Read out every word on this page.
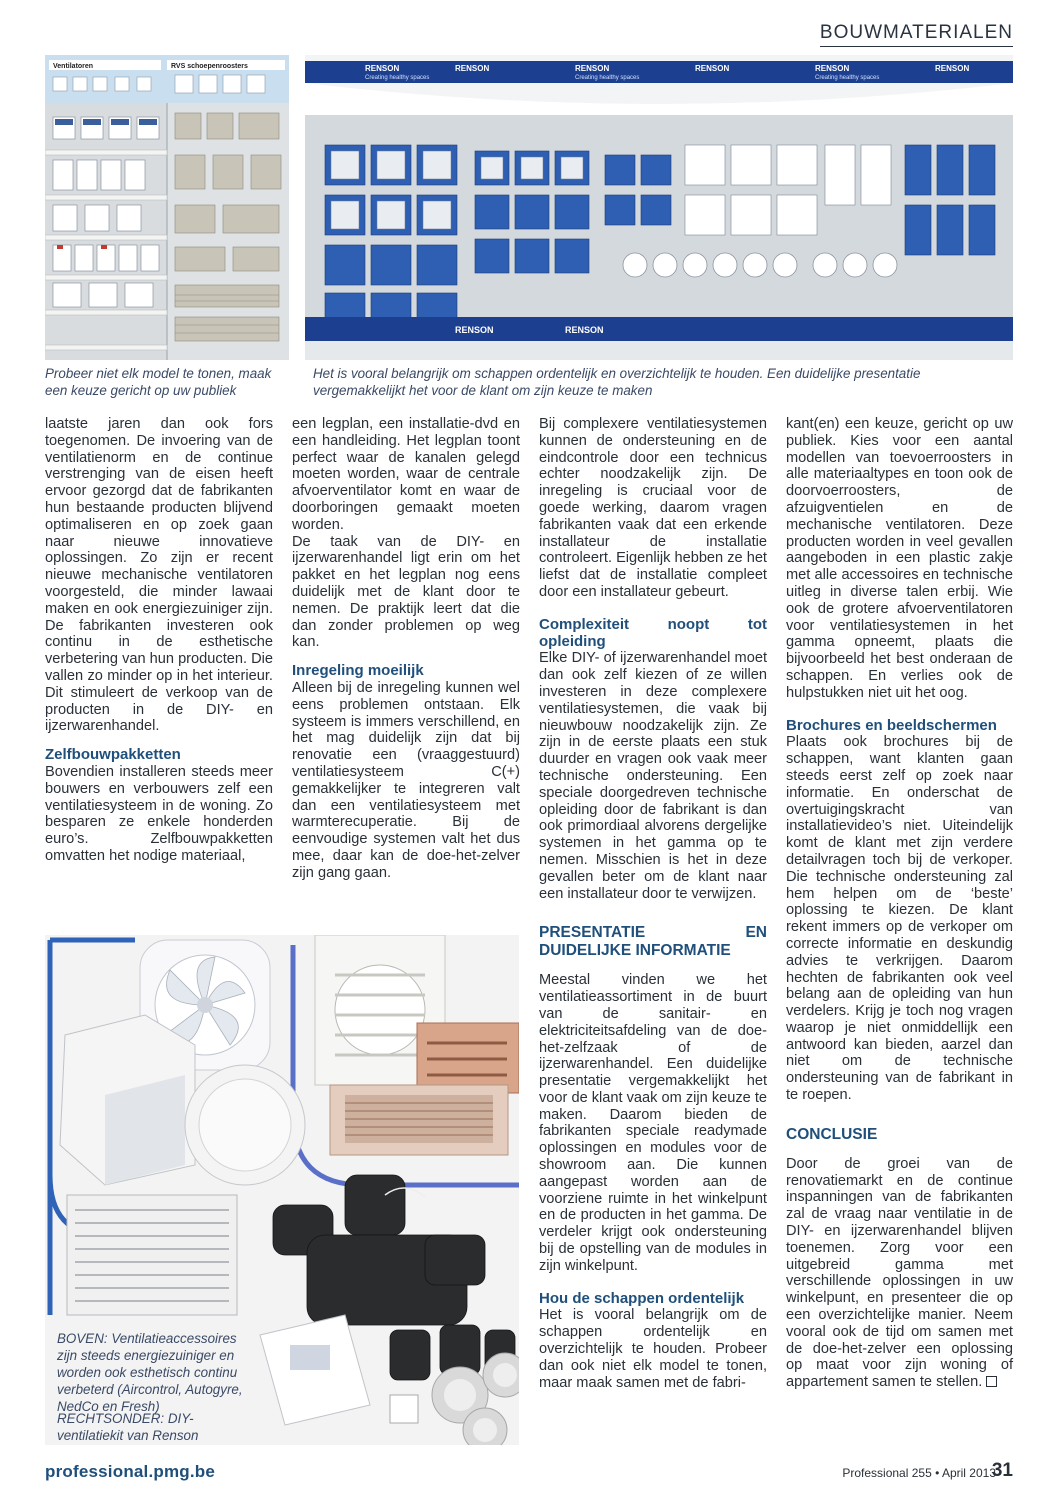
BOUWMATERIALEN
Ventilatoren	RVS schoepenroosters	RENSON	RENSON	RENSON	RENSON	RENSON	RENSON
Creating healthy spaces	Creating healthy spaces	Creating healthy spaces
RENSON	RENSON
Probeer niet elk model te tonen, maak een keuze gericht op uw publiek
Het is vooral belangrijk om schappen ordentelijk en overzichtelijk te houden. Een duidelijke presentatie vergemakkelijkt het voor de klant om zijn keuze te maken

laatste jaren dan ook fors toegenomen. De invoering van de ventilatienorm en de continue verstrenging van de eisen heeft ervoor gezorgd dat de fabrikanten hun bestaande producten blijvend optimaliseren en op zoek gaan naar nieuwe innovatieve oplossingen. Zo zijn er recent nieuwe mechanische ventilatoren voorgesteld, die minder lawaai maken en ook energiezuiniger zijn. De fabrikanten investeren ook continu in de esthetische verbetering van hun producten. Die vallen zo minder op in het interieur. Dit stimuleert de verkoop van de producten in de DIY- en ijzerwarenhandel.

Zelfbouwpakketten

Bovendien installeren steeds meer bouwers en verbouwers zelf een ventilatiesysteem in de woning. Zo besparen ze enkele honderden euro’s. Zelfbouwpakketten omvatten het nodige materiaal,

een legplan, een installatie-dvd en een handleiding. Het legplan toont perfect waar de kanalen gelegd moeten worden, waar de centrale afvoerventilator komt en waar de doorboringen gemaakt moeten worden.

De taak van de DIY- en ijzerwarenhandel ligt erin om het pakket en het legplan nog eens duidelijk met de klant door te nemen. De praktijk leert dat die dan zonder problemen op weg kan.

Inregeling moeilijk

Alleen bij de inregeling kunnen wel eens problemen ontstaan. Elk systeem is immers verschillend, en het mag duidelijk zijn dat bij renovatie een (vraaggestuurd) ventilatiesysteem C(+) gemakkelijker te integreren valt dan een ventilatiesysteem met warmterecuperatie. Bij de eenvoudige systemen valt het dus mee, daar kan de doe-het-zelver zijn gang gaan.

Bij complexere ventilatiesystemen kunnen de ondersteuning en de eindcontrole door een technicus echter noodzakelijk zijn. De inregeling is cruciaal voor de goede werking, daarom vragen fabrikanten vaak dat een erkende installateur de installatie controleert. Eigenlijk hebben ze het liefst dat de installatie compleet door een installateur gebeurt.

Complexiteit noopt tot opleiding

Elke DIY- of ijzerwarenhandel moet dan ook zelf kiezen of ze willen investeren in deze complexere ventilatiesystemen, die vaak bij nieuwbouw noodzakelijk zijn. Ze zijn in de eerste plaats een stuk duurder en vragen ook vaak meer technische ondersteuning. Een speciale doorgedreven technische opleiding door de fabrikant is dan ook primordiaal alvorens dergelijke systemen in het gamma op te nemen. Misschien is het in deze gevallen beter om de klant naar een installateur door te verwijzen.

PRESENTATIE EN DUIDELIJKE INFORMATIE

Meestal vinden we het ventilatieassortiment in de buurt van de sanitair- en elektriciteitsafdeling van de doe-het-zelfzaak of de ijzerwarenhandel. Een duidelijke presentatie vergemakkelijkt het voor de klant vaak om zijn keuze te maken. Daarom bieden de fabrikanten speciale readymade oplossingen en modules voor de showroom aan. Die kunnen aangepast worden aan de voorziene ruimte in het winkelpunt en de producten in het gamma. De verdeler krijgt ook ondersteuning bij de opstelling van de modules in zijn winkelpunt.

Hou de schappen ordentelijk

Het is vooral belangrijk om de schappen ordentelijk en overzichtelijk te houden. Probeer dan ook niet elk model te tonen, maar maak samen met de fabri-

kant(en) een keuze, gericht op uw publiek. Kies voor een aantal modellen van toevoerroosters in alle materiaaltypes en toon ook de doorvoerroosters, de afzuigventielen en de mechanische ventilatoren. Deze producten worden in veel gevallen aangeboden in een plastic zakje met alle accessoires en technische uitleg in diverse talen erbij. Wie ook de grotere afvoerventilatoren voor ventilatiesystemen in het gamma opneemt, plaats die bijvoorbeeld het best onderaan de schappen. En verlies ook de hulpstukken niet uit het oog.

Brochures en beeldschermen

Plaats ook brochures bij de schappen, want klanten gaan steeds eerst zelf op zoek naar informatie. En onderschat de overtuigingskracht van installatievideo’s niet. Uiteindelijk komt de klant met zijn verdere detailvragen toch bij de verkoper. Die technische ondersteuning zal hem helpen om de ‘beste’ oplossing te kiezen. De klant rekent immers op de verkoper om correcte informatie en deskundig advies te verkrijgen. Daarom hechten de fabrikanten ook veel belang aan de opleiding van hun verdelers. Krijg je toch nog vragen waarop je niet onmiddellijk een antwoord kan bieden, aarzel dan niet om de technische ondersteuning van de fabrikant in te roepen.

CONCLUSIE

Door de groei van de renovatiemarkt en de continue inspanningen van de fabrikanten zal de vraag naar ventilatie in de DIY- en ijzerwarenhandel blijven toenemen. Zorg voor een uitgebreid gamma met verschillende oplossingen in uw winkelpunt, en presenteer die op een overzichtelijke manier. Neem vooral ook de tijd om samen met de doe-het-zelver een oplossing op maat voor zijn woning of appartement samen te stellen.

BOVEN: Ventilatieaccessoires zijn steeds energiezuiniger en worden ook esthetisch continu verbeterd (Aircontrol, Autogyre, NedCo en Fresh)
RECHTSONDER: DIY-ventilatiekit van Renson
professional.pmg.be	Professional 255 • April 2013
31
